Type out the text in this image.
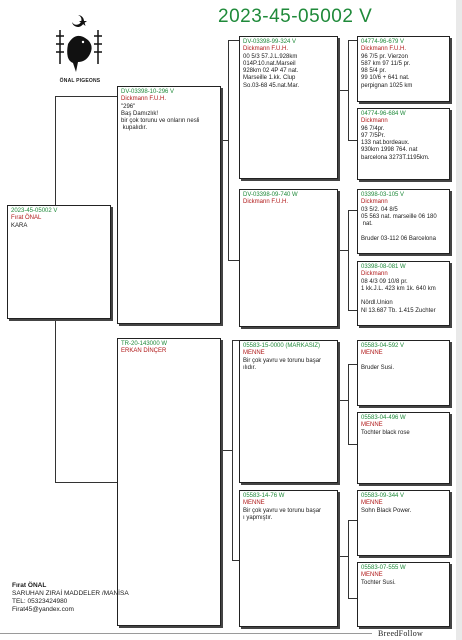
2023-45-05002 V
ÖNAL PIGEONS
2023-45-05002 V
Fırat ÖNAL
KARA
DV-03398-10-296 V
Dickmann F.U.H.
"296"
Baş Damızlık!
bir çok torunu ve onların nesli
kupalıdır.
TR-20-143000 W
ERKAN DİNÇER
DV-03398-99-324 V
Dickmann F.U.H.
00 5/3 57.J.L.928km
014P.10.nat.Marseil
928km 02 4P 47 nat.
Marseille 1.kk. Clup
So.03-68 45.nat.Mar.
DV-03398-09-740 W
Dickmann F.U.H.
05583-15-0000 (MARKASIZ)
MENNE
Bir çok yavru ve torunu başar
ılıdır.
05583-14-76 W
MENNE
Bir çok yavru ve torunu başar
ı yapmıştır.
04774-96-679 V
Dickmann F.U.H.
96 7/5 pr. Vierzon
587 km 97 11/5 pr.
98 5/4 pr.
99 10/6 + 641 nat.
perpignan 1025 km
04774-96-684 W
Dickmann
96 7/4pr.
97 7/5Pr.
133 nat.bordeaux.
930km 1998 764. nat
barcelona 3273T.1195km.
03398-03-105 V
Dickmann
03 5/2. 04 8/5
05 563 nat. marseille 06 180
nat.

Bruder 03-112 06 Barcelona
03398-08-081 W
Dickmann
08 4/3 09 10/8 pr.
1 kk.J.L. 423 km 1k. 640 km

Nördl.Union
Nl 13.687 Tb. 1.415 Zuchter
05583-04-592 V
MENNE

Bruder Susi.
05583-04-496 W
MENNE
Tochter black rose
05583-09-344 V
MENNE
Sohn Black Power.
05583-07-555 W
MENNE
Tochter Susi.
Fırat ÖNAL
SARUHAN ZIRAİ MADDELER /MANİSA
TEL: 05323424980
Firat45@yandex.com
BreedFollow
